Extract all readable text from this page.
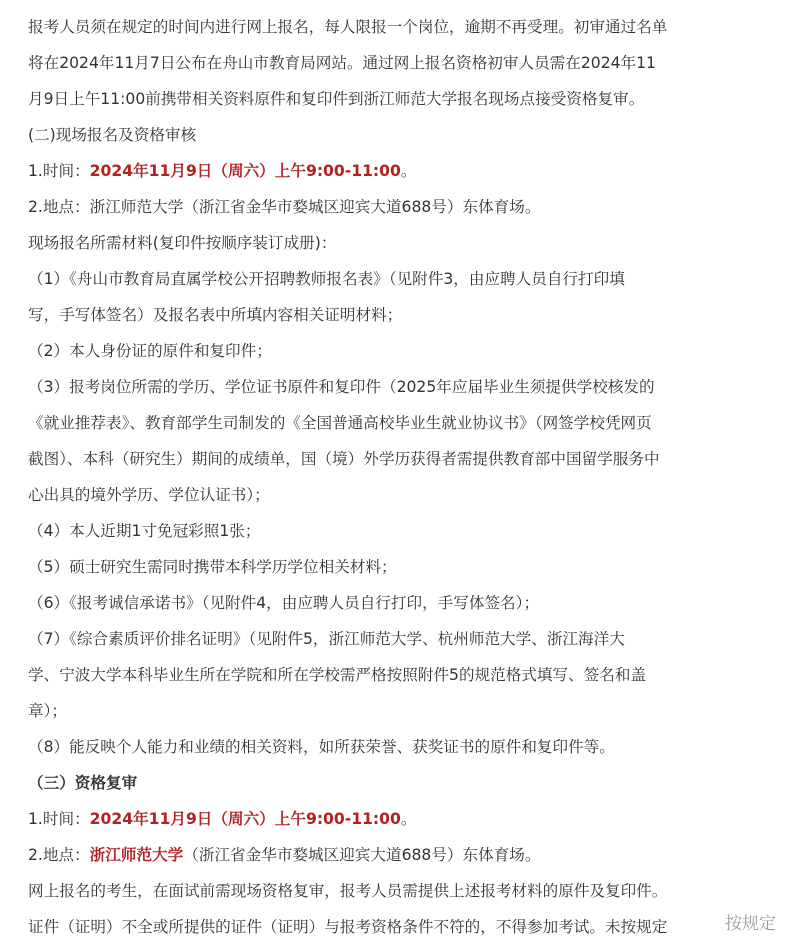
报考人员须在规定的时间内进行网上报名，每人限报一个岗位，逾期不再受理。初审通过名单
将在2024年11月7日公布在舟山市教育局网站。通过网上报名资格初审人员需在2024年11
月9日上午11:00前携带相关资料原件和复印件到浙江师范大学报名现场点接受资格复审。
(二)现场报名及资格审核
1.时间：2024年11月9日（周六）上午9:00-11:00。
2.地点：浙江师范大学（浙江省金华市婺城区迎宾大道688号）东体育场。
现场报名所需材料(复印件按顺序装订成册)：
（1）《舟山市教育局直属学校公开招聘教师报名表》（见附件3，由应聘人员自行打印填
写，手写体签名）及报名表中所填内容相关证明材料；
（2）本人身份证的原件和复印件；
（3）报考岗位所需的学历、学位证书原件和复印件（2025年应届毕业生须提供学校核发的
《就业推荐表》、教育部学生司制发的《全国普通高校毕业生就业协议书》（网签学校凭网页
截图）、本科（研究生）期间的成绩单，国（境）外学历获得者需提供教育部中国留学服务中
心出具的境外学历、学位认证书）；
（4）本人近期1寸免冠彩照1张；
（5）硕士研究生需同时携带本科学历学位相关材料；
（6）《报考诚信承诺书》（见附件4，由应聘人员自行打印，手写体签名）；
（7）《综合素质评价排名证明》（见附件5，浙江师范大学、杭州师范大学、浙江海洋大
学、宁波大学本科毕业生所在学院和所在学校需严格按照附件5的规范格式填写、签名和盖
章）；
（8）能反映个人能力和业绩的相关资料，如所获荣誉、获奖证书的原件和复印件等。
（三）资格复审
1.时间：2024年11月9日（周六）上午9:00-11:00。
2.地点：浙江师范大学（浙江省金华市婺城区迎宾大道688号）东体育场。
网上报名的考生，在面试前需现场资格复审，报考人员需提供上述报考材料的原件及复印件。
证件（证明）不全或所提供的证件（证明）与报考资格条件不符的，不得参加考试。未按规定	按规定
